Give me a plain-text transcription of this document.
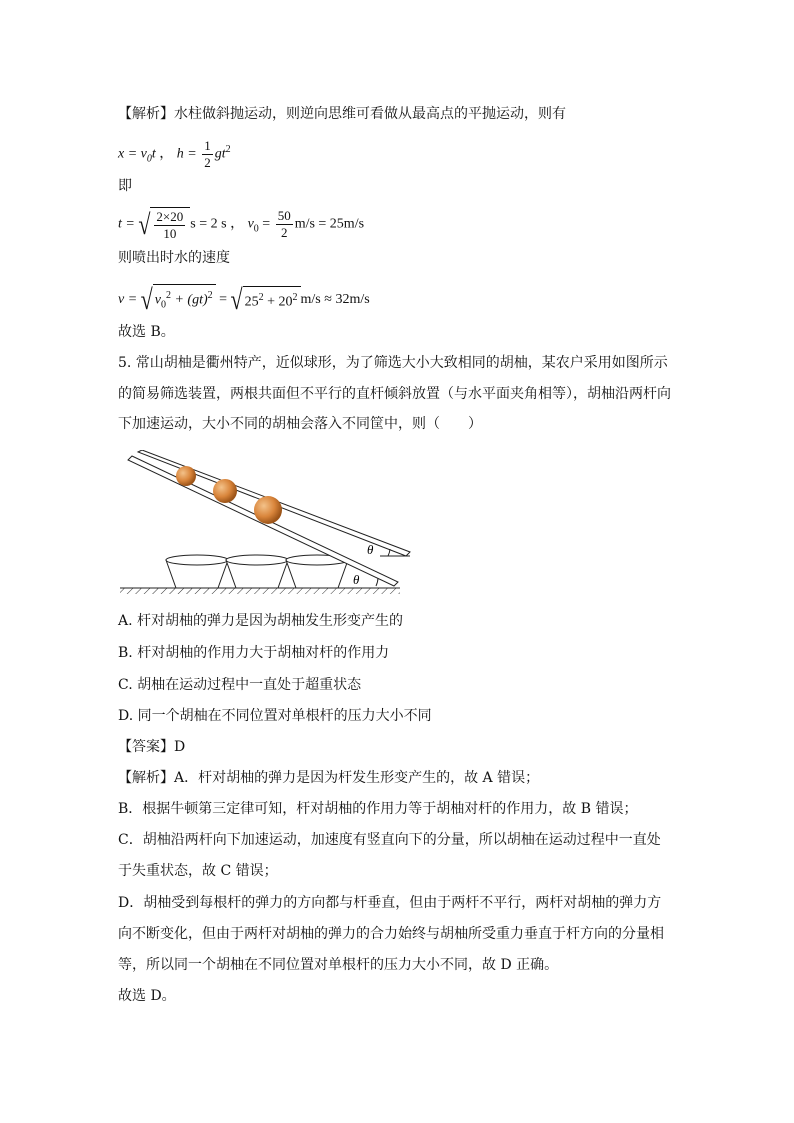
【解析】水柱做斜抛运动，则逆向思维可看做从最高点的平抛运动，则有
$x = v_0t$ ， $h = \frac{1}{2} gt^2$
即
t = √ $\frac{2\times 20}{10}$ s = 2 s ， $v_0 = \frac{50}{2} m/s = 25m/s$
则喷出时水的速度
v = √ $v_0^2 + (gt)^2$ = √ $25^2 + 20^2$ m/s ≈ 32m/s
故选 B。
5. 常山胡柚是衢州特产，近似球形，为了筛选大小大致相同的胡柚，某农户采用如图所示
的简易筛选装置，两根共面但不平行的直杆倾斜放置（与水平面夹角相等），胡柚沿两杆向
下加速运动，大小不同的胡柚会落入不同筐中，则（　　）
θ
θ
A. 杆对胡柚的弹力是因为胡柚发生形变产生的
B. 杆对胡柚的作用力大于胡柚对杆的作用力
C. 胡柚在运动过程中一直处于超重状态
D. 同一个胡柚在不同位置对单根杆的压力大小不同
【答案】D
【解析】A．杆对胡柚的弹力是因为杆发生形变产生的，故 A 错误；
B．根据牛顿第三定律可知，杆对胡柚的作用力等于胡柚对杆的作用力，故 B 错误；
C．胡柚沿两杆向下加速运动，加速度有竖直向下的分量，所以胡柚在运动过程中一直处
于失重状态，故 C 错误；
D．胡柚受到每根杆的弹力的方向都与杆垂直，但由于两杆不平行，两杆对胡柚的弹力方
向不断变化，但由于两杆对胡柚的弹力的合力始终与胡柚所受重力垂直于杆方向的分量相
等，所以同一个胡柚在不同位置对单根杆的压力大小不同，故 D 正确。
故选 D。
